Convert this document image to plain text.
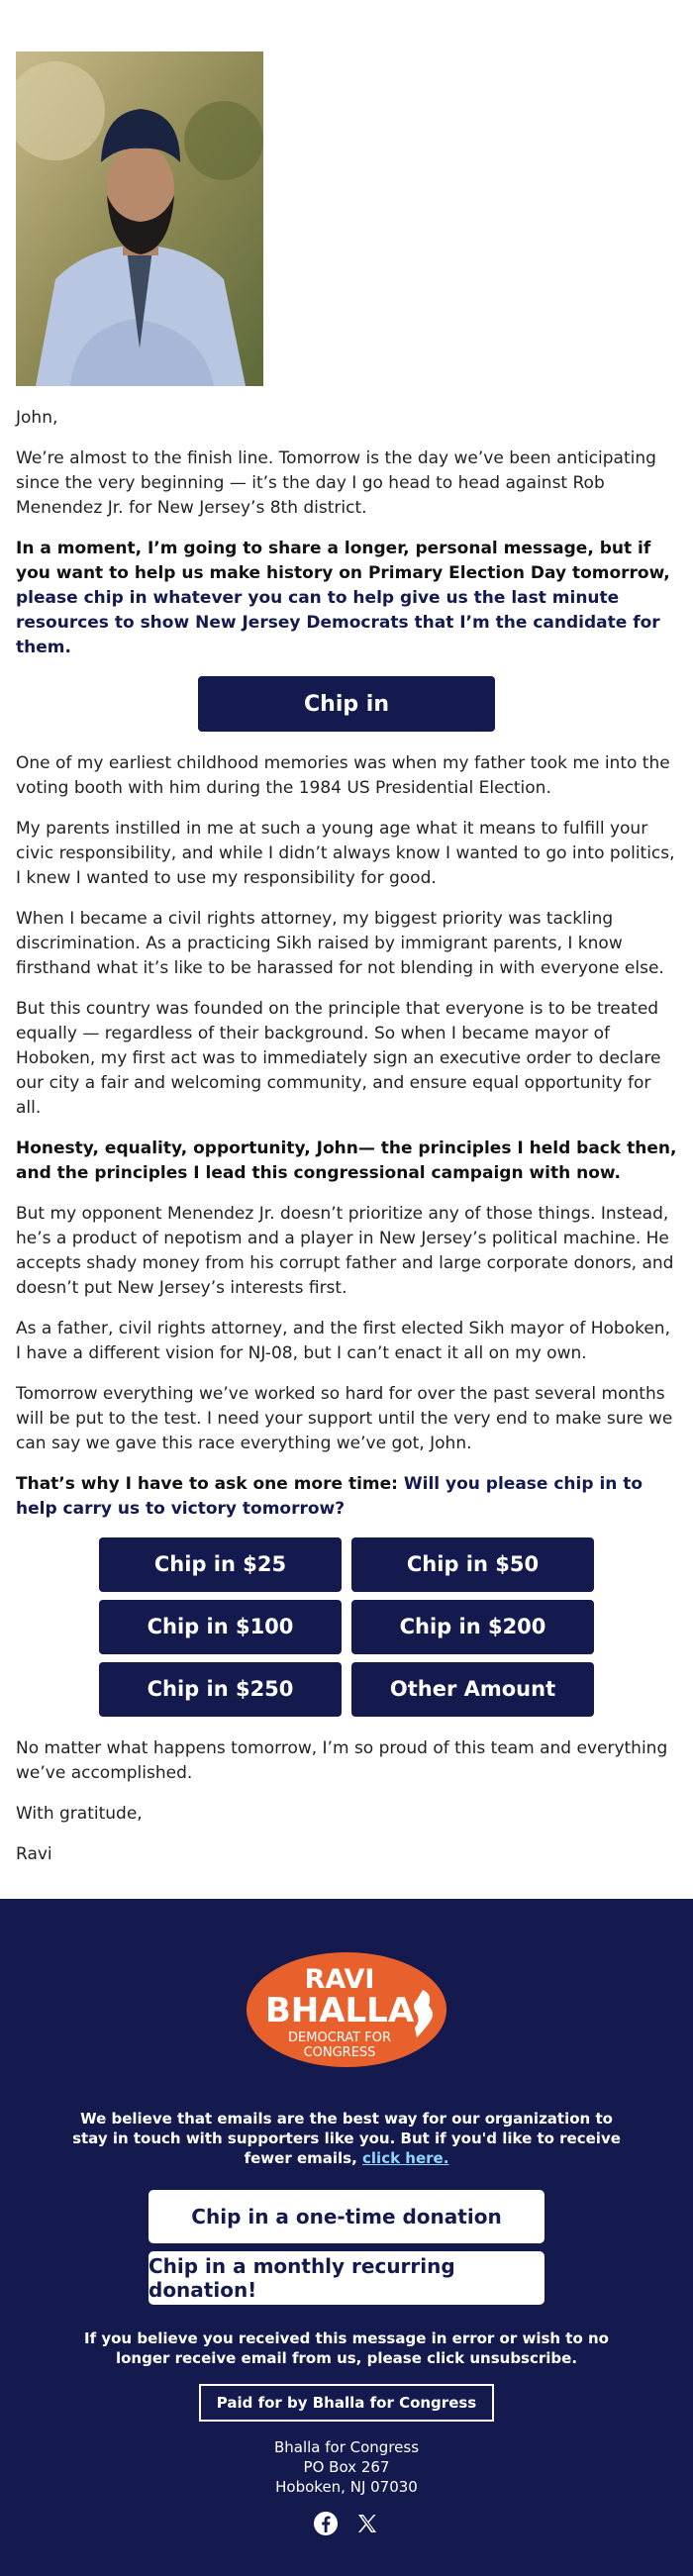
John,

We’re almost to the finish line. Tomorrow is the day we’ve been anticipating since the very beginning — it’s the day I go head to head against Rob Menendez Jr. for New Jersey’s 8th district.

In a moment, I’m going to share a longer, personal message, but if you want to help us make history on Primary Election Day tomorrow, please chip in whatever you can to help give us the last minute resources to show New Jersey Democrats that I’m the candidate for them.

Chip in

One of my earliest childhood memories was when my father took me into the voting booth with him during the 1984 US Presidential Election.

My parents instilled in me at such a young age what it means to fulfill your civic responsibility, and while I didn’t always know I wanted to go into politics, I knew I wanted to use my responsibility for good.

When I became a civil rights attorney, my biggest priority was tackling discrimination. As a practicing Sikh raised by immigrant parents, I know firsthand what it’s like to be harassed for not blending in with everyone else.

But this country was founded on the principle that everyone is to be treated equally — regardless of their background. So when I became mayor of Hoboken, my first act was to immediately sign an executive order to declare our city a fair and welcoming community, and ensure equal opportunity for all.

Honesty, equality, opportunity, John— the principles I held back then, and the principles I lead this congressional campaign with now.

But my opponent Menendez Jr. doesn’t prioritize any of those things. Instead, he’s a product of nepotism and a player in New Jersey’s political machine. He accepts shady money from his corrupt father and large corporate donors, and doesn’t put New Jersey’s interests first.

As a father, civil rights attorney, and the first elected Sikh mayor of Hoboken, I have a different vision for NJ-08, but I can’t enact it all on my own.

Tomorrow everything we’ve worked so hard for over the past several months will be put to the test. I need your support until the very end to make sure we can say we gave this race everything we’ve got, John.

That’s why I have to ask one more time: Will you please chip in to help carry us to victory tomorrow?

Chip in $25	Chip in $50
Chip in $100	Chip in $200
Chip in $250	Other Amount

No matter what happens tomorrow, I’m so proud of this team and everything we’ve accomplished.

With gratitude,

Ravi

RAVI
BHALLA
DEMOCRAT FOR
CONGRESS

We believe that emails are the best way for our organization to stay in touch with supporters like you. But if you'd like to receive fewer emails, click here.

Chip in a one-time donation
Chip in a monthly recurring donation!

If you believe you received this message in error or wish to no longer receive email from us, please click unsubscribe.

Paid for by Bhalla for Congress
Bhalla for Congress
PO Box 267
Hoboken, NJ 07030
